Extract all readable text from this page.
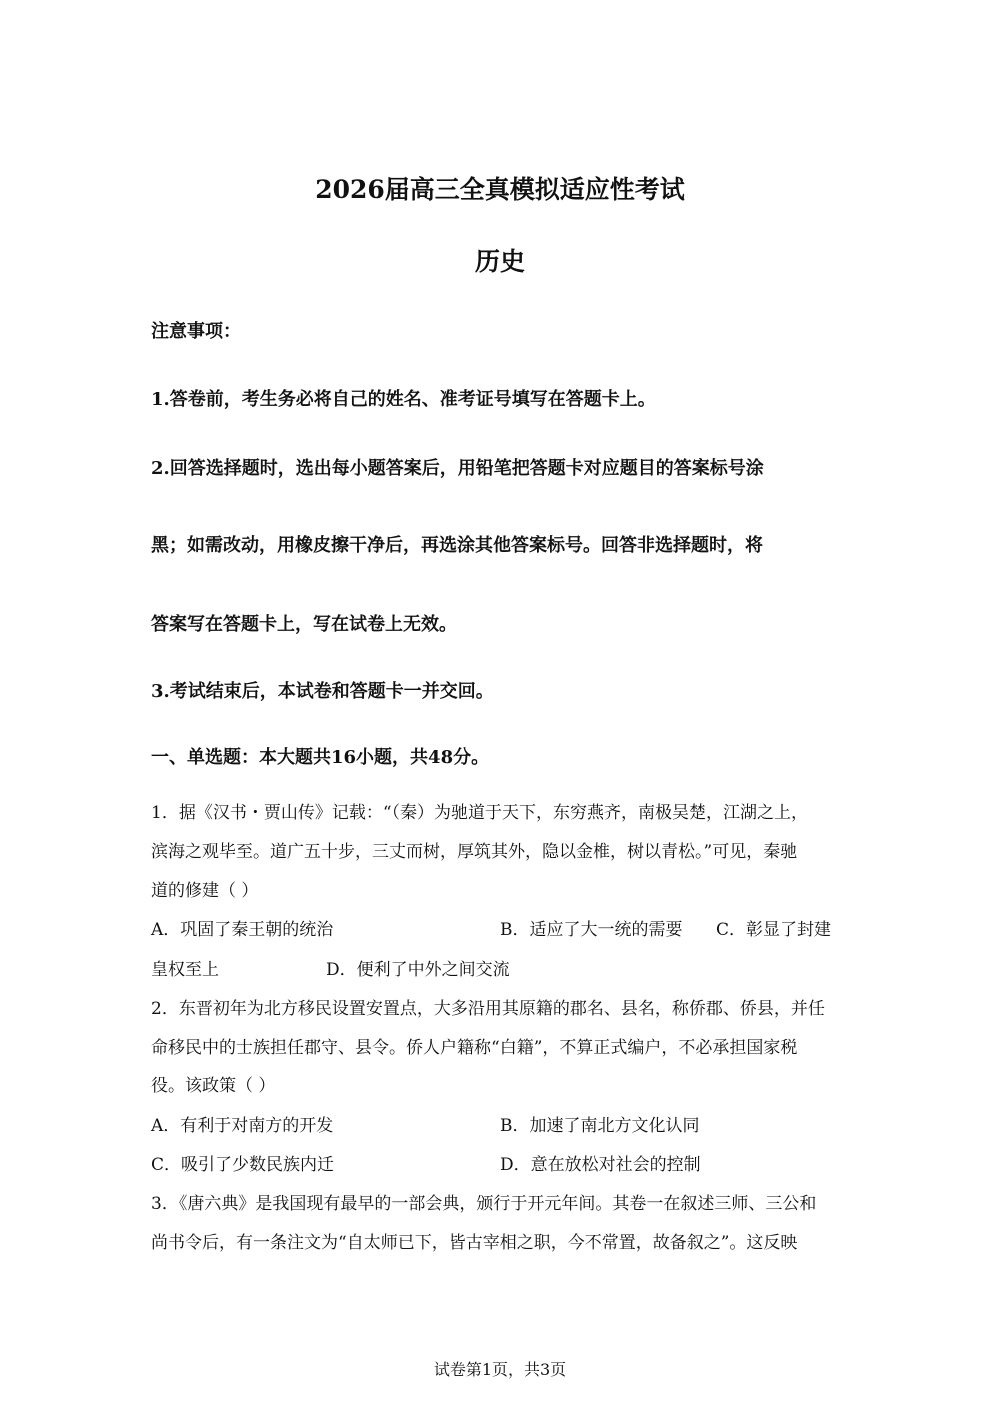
2026届高三全真模拟适应性考试
历史
注意事项：
1.答卷前，考生务必将自己的姓名、准考证号填写在答题卡上。
2.回答选择题时，选出每小题答案后，用铅笔把答题卡对应题目的答案标号涂
黑；如需改动，用橡皮擦干净后，再选涂其他答案标号。回答非选择题时，将
答案写在答题卡上，写在试卷上无效。
3.考试结束后，本试卷和答题卡一并交回。
一、单选题：本大题共16小题，共48分。
1．据《汉书・贾山传》记载：“（秦）为驰道于天下，东穷燕齐，南极吴楚，江湖之上，
滨海之观毕至。道广五十步，三丈而树，厚筑其外，隐以金椎，树以青松。”可见，秦驰
道的修建（ ）
A．巩固了秦王朝的统治	B．适应了大一统的需要 C．彰显了封建
皇权至上	D．便利了中外之间交流
2．东晋初年为北方移民设置安置点，大多沿用其原籍的郡名、县名，称侨郡、侨县，并任
命移民中的士族担任郡守、县令。侨人户籍称“白籍”，不算正式编户，不必承担国家税
役。该政策（ ）
A．有利于对南方的开发	B．加速了南北方文化认同
C．吸引了少数民族内迁	D．意在放松对社会的控制
3．《唐六典》是我国现有最早的一部会典，颁行于开元年间。其卷一在叙述三师、三公和
尚书令后，有一条注文为“自太师已下，皆古宰相之职，今不常置，故备叙之”。这反映
试卷第1页，共3页
